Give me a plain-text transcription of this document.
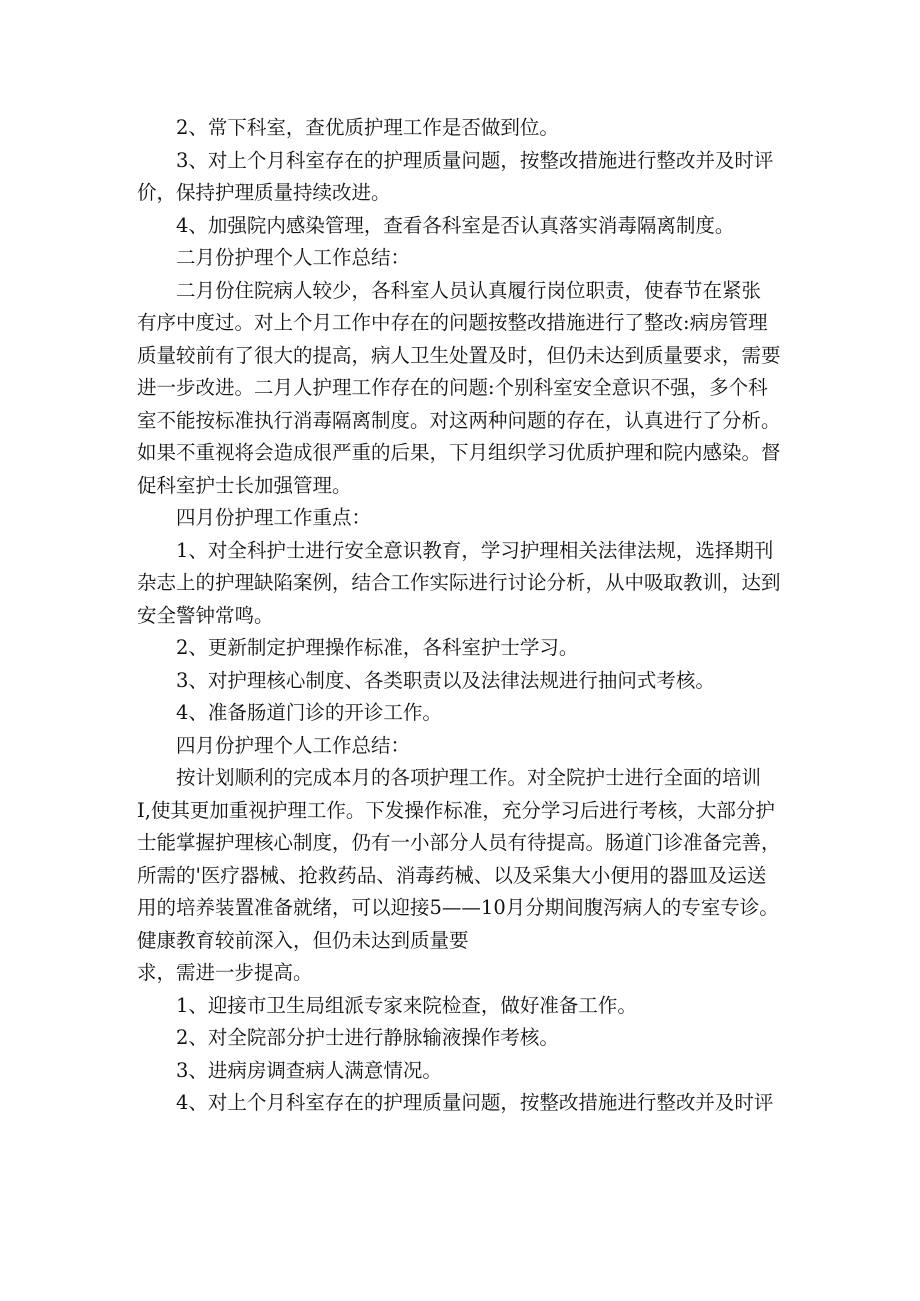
2、常下科室，查优质护理工作是否做到位。

3、对上个月科室存在的护理质量问题，按整改措施进行整改并及时评
价，保持护理质量持续改进。

4、加强院内感染管理，查看各科室是否认真落实消毒隔离制度。

二月份护理个人工作总结：

二月份住院病人较少，各科室人员认真履行岗位职责，使春节在紧张
有序中度过。对上个月工作中存在的问题按整改措施进行了整改:病房管理
质量较前有了很大的提高，病人卫生处置及时，但仍未达到质量要求，需要
进一步改进。二月人护理工作存在的问题:个别科室安全意识不强，多个科
室不能按标准执行消毒隔离制度。对这两种问题的存在，认真进行了分析。
如果不重视将会造成很严重的后果，下月组织学习优质护理和院内感染。督
促科室护士长加强管理。

四月份护理工作重点：

1、对全科护士进行安全意识教育，学习护理相关法律法规，选择期刊
杂志上的护理缺陷案例，结合工作实际进行讨论分析，从中吸取教训，达到
安全警钟常鸣。

2、更新制定护理操作标准，各科室护士学习。

3、对护理核心制度、各类职责以及法律法规进行抽问式考核。

4、准备肠道门诊的开诊工作。

四月份护理个人工作总结：

按计划顺利的完成本月的各项护理工作。对全院护士进行全面的培训
I,使其更加重视护理工作。下发操作标准，充分学习后进行考核，大部分护
士能掌握护理核心制度，仍有一小部分人员有待提高。肠道门诊准备完善，
所需的'医疗器械、抢救药品、消毒药械、以及采集大小便用的器皿及运送
用的培养装置准备就绪，可以迎接5——10月分期间腹泻病人的专室专诊。
健康教育较前深入，但仍未达到质量要

求，需进一步提高。

1、迎接市卫生局组派专家来院检查，做好准备工作。

2、对全院部分护士进行静脉输液操作考核。

3、进病房调查病人满意情况。

4、对上个月科室存在的护理质量问题，按整改措施进行整改并及时评
